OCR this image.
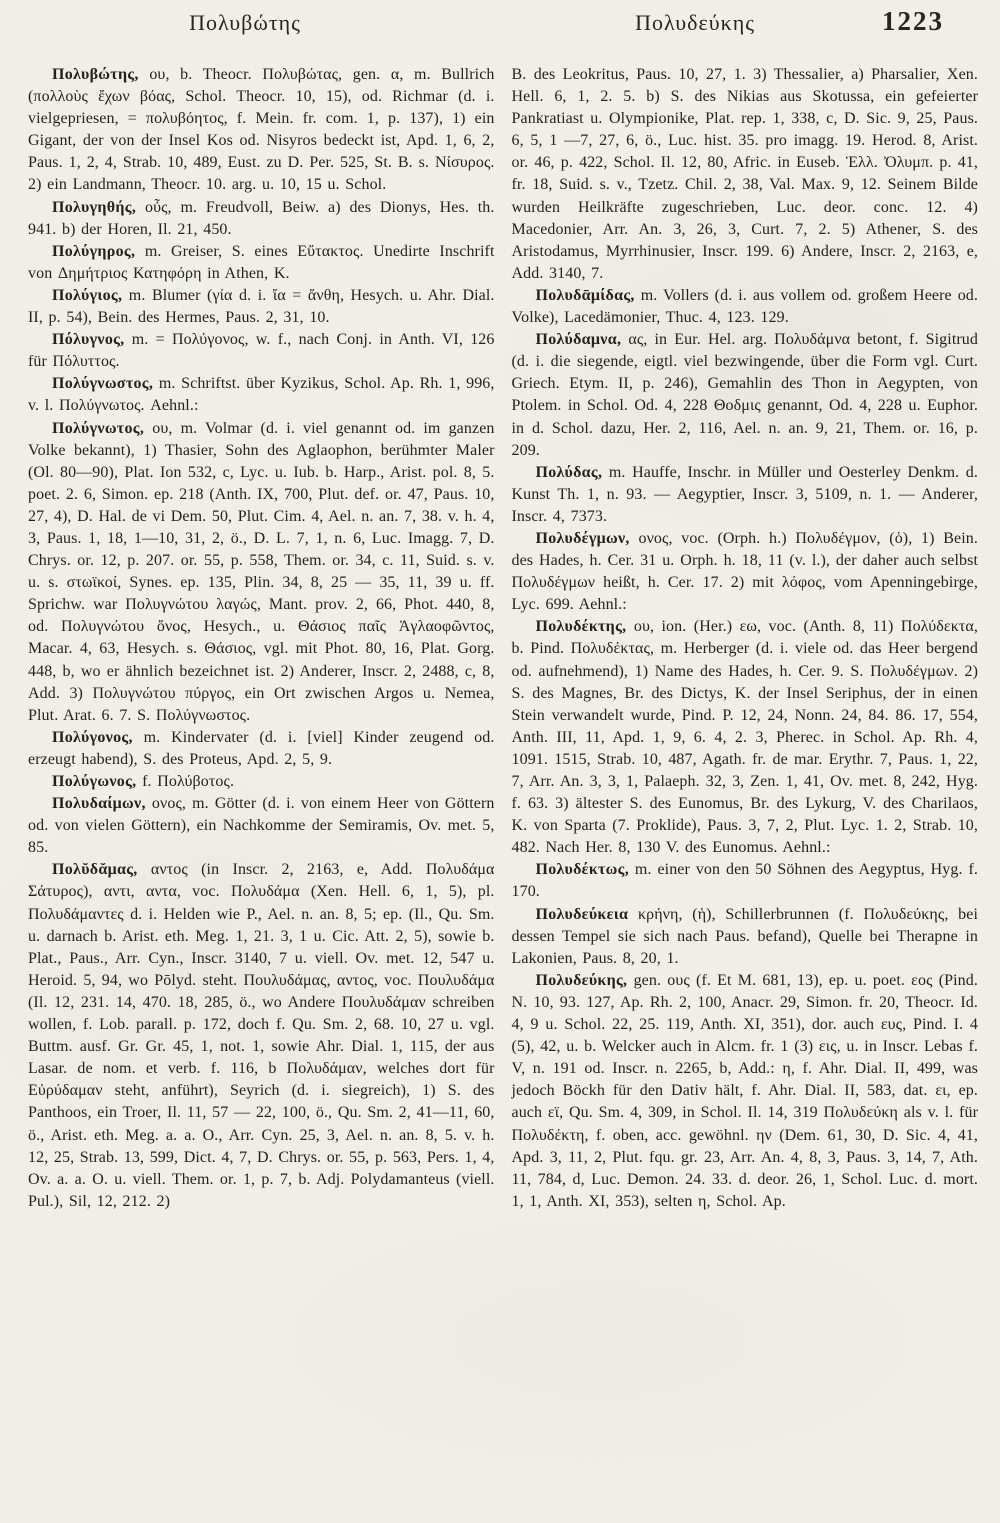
Πολυβώτης	Πολυδεύκης	1223

Πολυβώτης, ου, b. Theocr. Πολυβώτας, gen. α, m. Bullrich (πολλοὺς ἔχων βόας, Schol. Theocr. 10, 15), od. Richmar (d. i. vielgepriesen, = πολυβόητος, f. Mein. fr. com. 1, p. 137), 1) ein Gigant, der von der Insel Kos od. Nisyros bedeckt ist, Apd. 1, 6, 2, Paus. 1, 2, 4, Strab. 10, 489, Eust. zu D. Per. 525, St. B. s. Νίσυρος. 2) ein Landmann, Theocr. 10. arg. u. 10, 15 u. Schol.

Πολυγηθής, οὖς, m. Freudvoll, Beiw. a) des Dionys, Hes. th. 941. b) der Horen, Il. 21, 450.

Πολύγηρος, m. Greiser, S. eines Εὔτακτος. Unedirte Inschrift von Δημήτριος Κατηφόρη in Athen, K.

Πολύγιος, m. Blumer (γία d. i. ἴα = ἄνθη, Hesych. u. Ahr. Dial. II, p. 54), Bein. des Hermes, Paus. 2, 31, 10.

Πόλυγνος, m. = Πολύγονος, w. f., nach Conj. in Anth. VI, 126 für Πόλυττος.

Πολύγνωστος, m. Schriftst. über Kyzikus, Schol. Ap. Rh. 1, 996, v. l. Πολύγνωτος. Aehnl.:

Πολύγνωτος, ου, m. Volmar (d. i. viel genannt od. im ganzen Volke bekannt), 1) Thasier, Sohn des Aglaophon, berühmter Maler (Ol. 80—90), Plat. Ion 532, c, Lyc. u. Iub. b. Harp., Arist. pol. 8, 5. poet. 2. 6, Simon. ep. 218 (Anth. IX, 700, Plut. def. or. 47, Paus. 10, 27, 4), D. Hal. de vi Dem. 50, Plut. Cim. 4, Ael. n. an. 7, 38. v. h. 4, 3, Paus. 1, 18, 1—10, 31, 2, ö., D. L. 7, 1, n. 6, Luc. Imagg. 7, D. Chrys. or. 12, p. 207. or. 55, p. 558, Them. or. 34, c. 11, Suid. s. v. u. s. στωϊκοί, Synes. ep. 135, Plin. 34, 8, 25 — 35, 11, 39 u. ff. Sprichw. war Πολυγνώτου λαγώς, Mant. prov. 2, 66, Phot. 440, 8, od. Πολυγνώτου ὄνος, Hesych., u. Θάσιος παῖς Ἀγλαοφῶντος, Macar. 4, 63, Hesych. s. Θάσιος, vgl. mit Phot. 80, 16, Plat. Gorg. 448, b, wo er ähnlich bezeichnet ist. 2) Anderer, Inscr. 2, 2488, c, 8, Add. 3) Πολυγνώτου πύργος, ein Ort zwischen Argos u. Nemea, Plut. Arat. 6. 7. S. Πολύγνωστος.

Πολύγονος, m. Kindervater (d. i. [viel] Kinder zeugend od. erzeugt habend), S. des Proteus, Apd. 2, 5, 9.

Πολύγωνος, f. Πολύβοτος.

Πολυδαίμων, ονος, m. Götter (d. i. von einem Heer von Göttern od. von vielen Göttern), ein Nachkomme der Semiramis, Ov. met. 5, 85.

Πολῠδᾰμας, αντος (in Inscr. 2, 2163, e, Add. Πολυδάμα Σάτυρος), αντι, αντα, voc. Πολυδάμα (Xen. Hell. 6, 1, 5), pl. Πολυδάμαντες d. i. Helden wie P., Ael. n. an. 8, 5; ep. (Il., Qu. Sm. u. darnach b. Arist. eth. Meg. 1, 21. 3, 1 u. Cic. Att. 2, 5), sowie b. Plat., Paus., Arr. Cyn., Inscr. 3140, 7 u. viell. Ov. met. 12, 547 u. Heroid. 5, 94, wo Pōlyd. steht. Πουλυδάμας, αντος, voc. Πουλυδάμα (Il. 12, 231. 14, 470. 18, 285, ö., wo Andere Πουλυδάμαν schreiben wollen, f. Lob. parall. p. 172, doch f. Qu. Sm. 2, 68. 10, 27 u. vgl. Buttm. ausf. Gr. Gr. 45, 1, not. 1, sowie Ahr. Dial. 1, 115, der aus Lasar. de nom. et verb. f. 116, b Πολυδάμαν, welches dort für Εὐρύδαμαν steht, anführt), Seyrich (d. i. siegreich), 1) S. des Panthoos, ein Troer, Il. 11, 57 — 22, 100, ö., Qu. Sm. 2, 41—11, 60, ö., Arist. eth. Meg. a. a. O., Arr. Cyn. 25, 3, Ael. n. an. 8, 5. v. h. 12, 25, Strab. 13, 599, Dict. 4, 7, D. Chrys. or. 55, p. 563, Pers. 1, 4, Ov. a. a. O. u. viell. Them. or. 1, p. 7, b. Adj. Polydamanteus (viell. Pul.), Sil, 12, 212. 2)

B. des Leokritus, Paus. 10, 27, 1. 3) Thessalier, a) Pharsalier, Xen. Hell. 6, 1, 2. 5. b) S. des Nikias aus Skotussa, ein gefeierter Pankratiast u. Olympionike, Plat. rep. 1, 338, c, D. Sic. 9, 25, Paus. 6, 5, 1 —7, 27, 6, ö., Luc. hist. 35. pro imagg. 19. Herod. 8, Arist. or. 46, p. 422, Schol. Il. 12, 80, Afric. in Euseb. Ἑλλ. Ὀλυμπ. p. 41, fr. 18, Suid. s. v., Tzetz. Chil. 2, 38, Val. Max. 9, 12. Seinem Bilde wurden Heilkräfte zugeschrieben, Luc. deor. conc. 12. 4) Macedonier, Arr. An. 3, 26, 3, Curt. 7, 2. 5) Athener, S. des Aristodamus, Myrrhinusier, Inscr. 199. 6) Andere, Inscr. 2, 2163, e, Add. 3140, 7.

Πολυδᾱμίδας, m. Vollers (d. i. aus vollem od. großem Heere od. Volke), Lacedämonier, Thuc. 4, 123. 129.

Πολύδαμνα, ας, in Eur. Hel. arg. Πολυδάμνα betont, f. Sigitrud (d. i. die siegende, eigtl. viel bezwingende, über die Form vgl. Curt. Griech. Etym. II, p. 246), Gemahlin des Thon in Aegypten, von Ptolem. in Schol. Od. 4, 228 Θοδμις genannt, Od. 4, 228 u. Euphor. in d. Schol. dazu, Her. 2, 116, Ael. n. an. 9, 21, Them. or. 16, p. 209.

Πολύδας, m. Hauffe, Inschr. in Müller und Oesterley Denkm. d. Kunst Th. 1, n. 93. — Aegyptier, Inscr. 3, 5109, n. 1. — Anderer, Inscr. 4, 7373.

Πολυδέγμων, ονος, voc. (Orph. h.) Πολυδέγμον, (ὁ), 1) Bein. des Hades, h. Cer. 31 u. Orph. h. 18, 11 (v. l.), der daher auch selbst Πολυδέγμων heißt, h. Cer. 17. 2) mit λόφος, vom Apenningebirge, Lyc. 699. Aehnl.:

Πολυδέκτης, ου, ion. (Her.) εω, voc. (Anth. 8, 11) Πολύδεκτα, b. Pind. Πολυδέκτας, m. Herberger (d. i. viele od. das Heer bergend od. aufnehmend), 1) Name des Hades, h. Cer. 9. S. Πολυδέγμων. 2) S. des Magnes, Br. des Dictys, K. der Insel Seriphus, der in einen Stein verwandelt wurde, Pind. P. 12, 24, Nonn. 24, 84. 86. 17, 554, Anth. III, 11, Apd. 1, 9, 6. 4, 2. 3, Pherec. in Schol. Ap. Rh. 4, 1091. 1515, Strab. 10, 487, Agath. fr. de mar. Erythr. 7, Paus. 1, 22, 7, Arr. An. 3, 3, 1, Palaeph. 32, 3, Zen. 1, 41, Ov. met. 8, 242, Hyg. f. 63. 3) ältester S. des Eunomus, Br. des Lykurg, V. des Charilaos, K. von Sparta (7. Proklide), Paus. 3, 7, 2, Plut. Lyc. 1. 2, Strab. 10, 482. Nach Her. 8, 130 V. des Eunomus. Aehnl.:

Πολυδέκτως, m. einer von den 50 Söhnen des Aegyptus, Hyg. f. 170.

Πολυδεύκεια κρήνη, (ἡ), Schillerbrunnen (f. Πολυδεύκης, bei dessen Tempel sie sich nach Paus. befand), Quelle bei Therapne in Lakonien, Paus. 8, 20, 1.

Πολυδεύκης, gen. ους (f. Et M. 681, 13), ep. u. poet. εος (Pind. N. 10, 93. 127, Ap. Rh. 2, 100, Anacr. 29, Simon. fr. 20, Theocr. Id. 4, 9 u. Schol. 22, 25. 119, Anth. XI, 351), dor. auch ευς, Pind. I. 4 (5), 42, u. b. Welcker auch in Alcm. fr. 1 (3) εις, u. in Inscr. Lebas f. V, n. 191 od. Inscr. n. 2265, b, Add.: η, f. Ahr. Dial. II, 499, was jedoch Böckh für den Dativ hält, f. Ahr. Dial. II, 583, dat. ει, ep. auch εϊ, Qu. Sm. 4, 309, in Schol. Il. 14, 319 Πολυδεύκη als v. l. für Πολυδέκτη, f. oben, acc. gewöhnl. ην (Dem. 61, 30, D. Sic. 4, 41, Apd. 3, 11, 2, Plut. fqu. gr. 23, Arr. An. 4, 8, 3, Paus. 3, 14, 7, Ath. 11, 784, d, Luc. Demon. 24. 33. d. deor. 26, 1, Schol. Luc. d. mort. 1, 1, Anth. XI, 353), selten η, Schol. Ap.
